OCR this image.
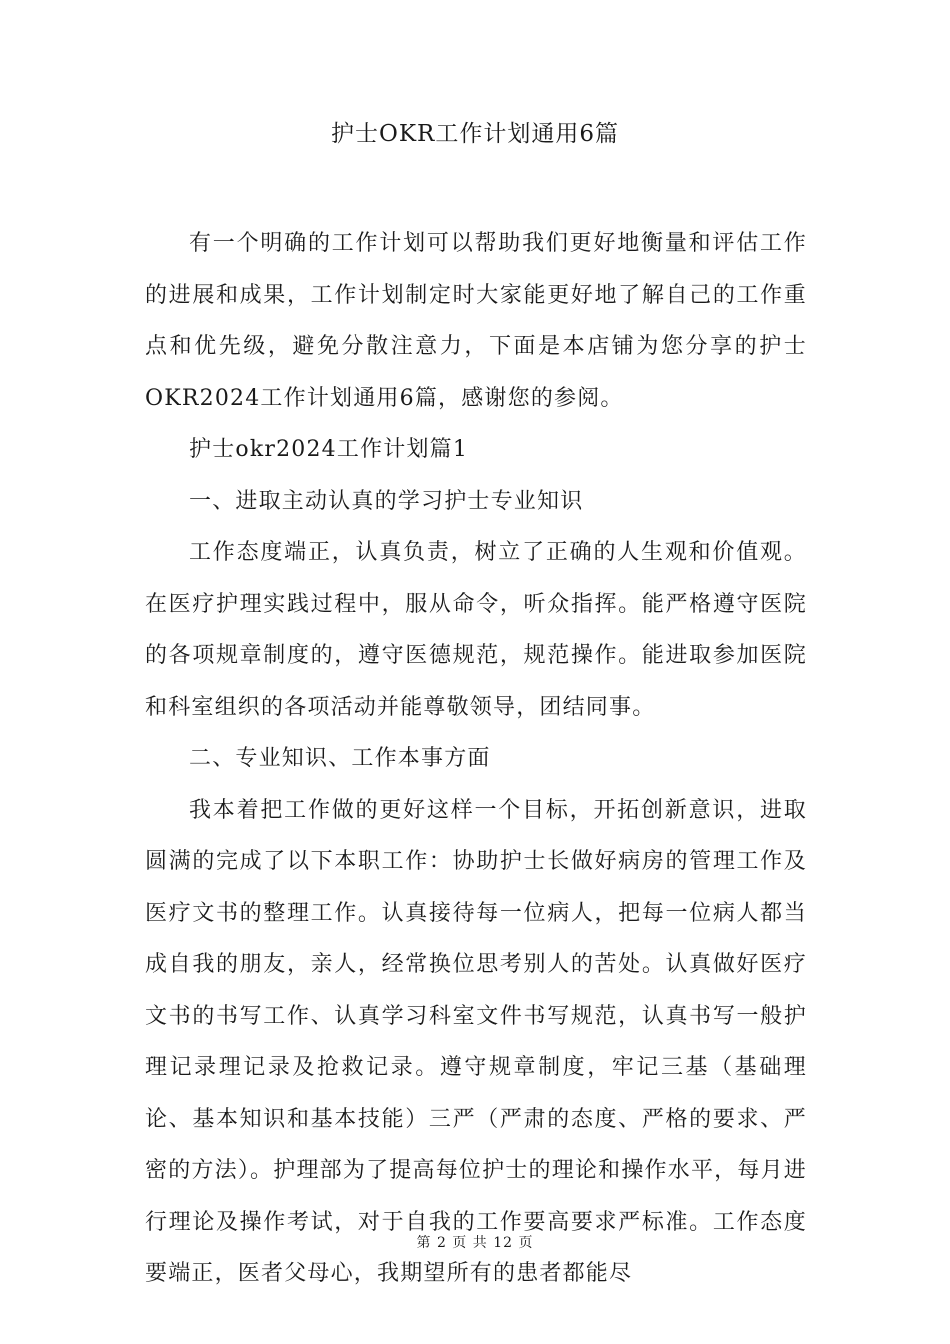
护士OKR工作计划通用6篇

有一个明确的工作计划可以帮助我们更好地衡量和评估工作的进展和成果，工作计划制定时大家能更好地了解自己的工作重点和优先级，避免分散注意力，下面是本店铺为您分享的护士OKR2024工作计划通用6篇，感谢您的参阅。

护士okr2024工作计划篇1

一、进取主动认真的学习护士专业知识

工作态度端正，认真负责，树立了正确的人生观和价值观。在医疗护理实践过程中，服从命令，听众指挥。能严格遵守医院的各项规章制度的，遵守医德规范，规范操作。能进取参加医院和科室组织的各项活动并能尊敬领导，团结同事。

二、专业知识、工作本事方面

我本着把工作做的更好这样一个目标，开拓创新意识，进取圆满的完成了以下本职工作：协助护士长做好病房的管理工作及医疗文书的整理工作。认真接待每一位病人，把每一位病人都当成自我的朋友，亲人，经常换位思考别人的苦处。认真做好医疗文书的书写工作、认真学习科室文件书写规范，认真书写一般护理记录理记录及抢救记录。遵守规章制度，牢记三基（基础理论、基本知识和基本技能）三严（严肃的态度、严格的要求、严密的方法）。护理部为了提高每位护士的理论和操作水平，每月进行理论及操作考试，对于自我的工作要高要求严标准。工作态度要端正，医者父母心，我期望所有的患者都能尽

第 2 页 共 12 页
